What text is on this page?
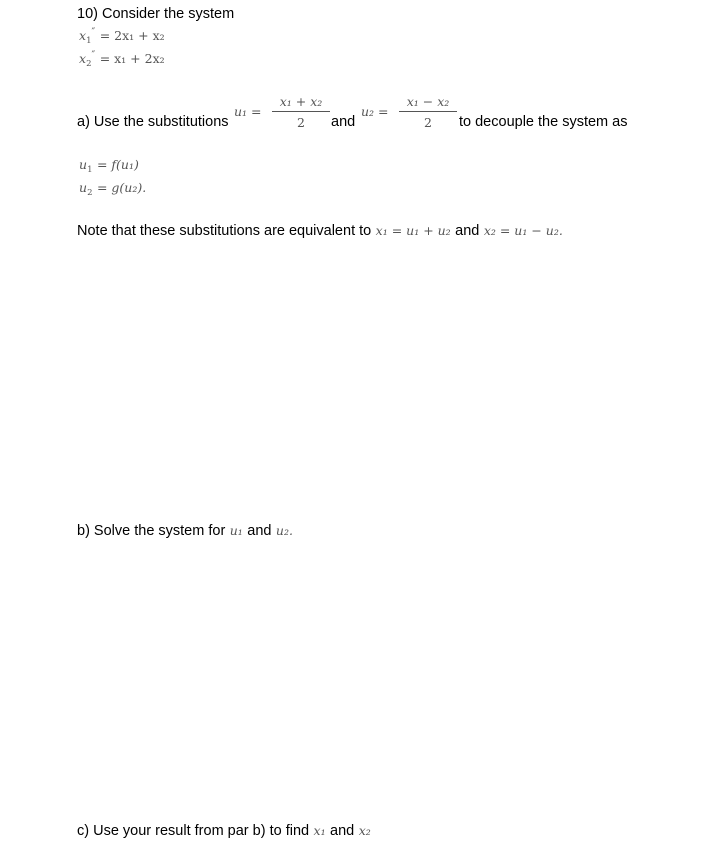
10) Consider the system
$x_1'' = 2x_1 + x_2$
$x_2'' = x_1 + 2x_2$
a) Use the substitutions
u₁ =
x₁ + x₂
2	and
u₂ =
x₁ − x₂
2	to decouple the system as
$u_1 = f(u_1)$
$u_2 = g(u_2)$.
Note that these substitutions are equivalent to x₁ = u₁ + u₂ and x₂ = u₁ − u₂.
b) Solve the system for u₁ and u₂.
c) Use your result from par b) to find x₁ and x₂
